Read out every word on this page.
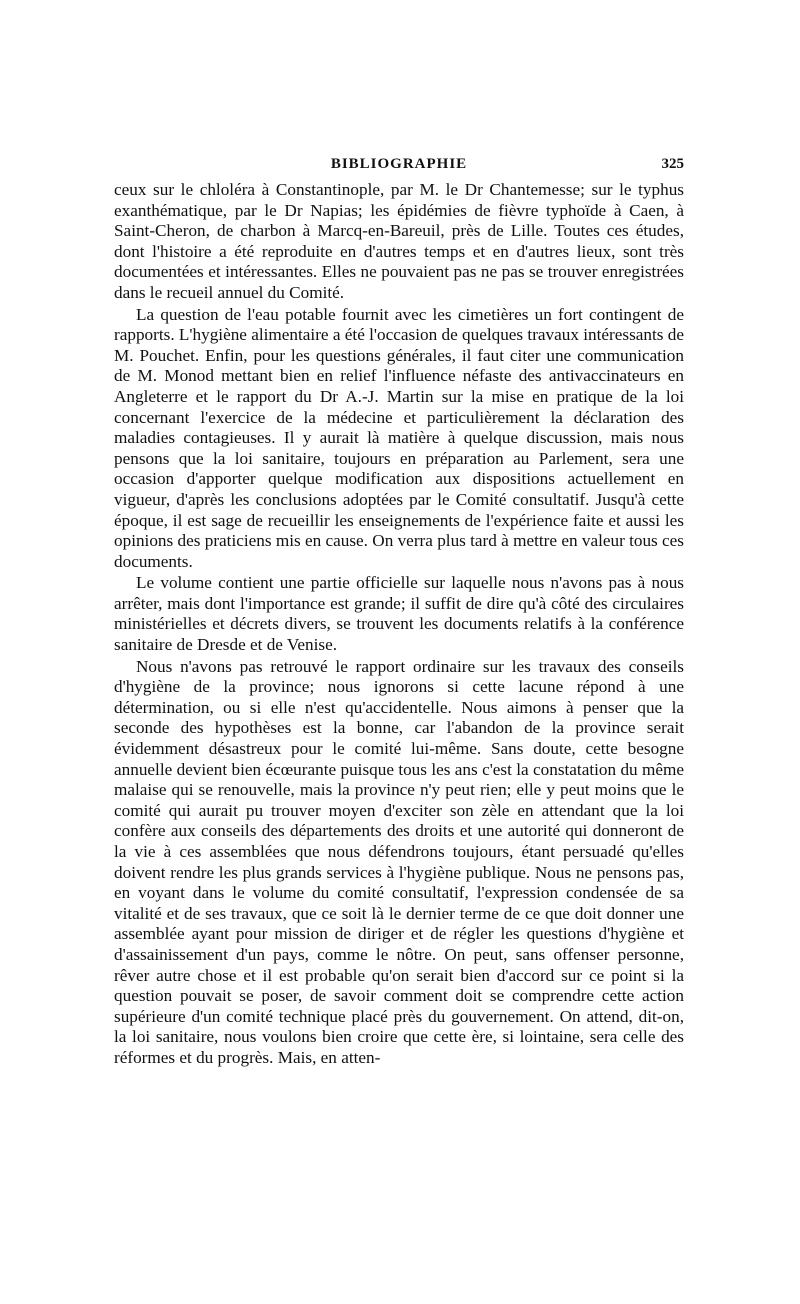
BIBLIOGRAPHIE	325

ceux sur le chloléra à Constantinople, par M. le Dr Chantemesse; sur le typhus exanthématique, par le Dr Napias; les épidémies de fièvre typhoïde à Caen, à Saint-Cheron, de charbon à Marcq-en-Bareuil, près de Lille. Toutes ces études, dont l'histoire a été reproduite en d'autres temps et en d'autres lieux, sont très documentées et intéressantes. Elles ne pouvaient pas ne pas se trouver enregistrées dans le recueil annuel du Comité.

La question de l'eau potable fournit avec les cimetières un fort contingent de rapports. L'hygiène alimentaire a été l'occasion de quelques travaux intéressants de M. Pouchet. Enfin, pour les questions générales, il faut citer une communication de M. Monod mettant bien en relief l'influence néfaste des antivaccinateurs en Angleterre et le rapport du Dr A.-J. Martin sur la mise en pratique de la loi concernant l'exercice de la médecine et particulièrement la déclaration des maladies contagieuses. Il y aurait là matière à quelque discussion, mais nous pensons que la loi sanitaire, toujours en préparation au Parlement, sera une occasion d'apporter quelque modification aux dispositions actuellement en vigueur, d'après les conclusions adoptées par le Comité consultatif. Jusqu'à cette époque, il est sage de recueillir les enseignements de l'expérience faite et aussi les opinions des praticiens mis en cause. On verra plus tard à mettre en valeur tous ces documents.

Le volume contient une partie officielle sur laquelle nous n'avons pas à nous arrêter, mais dont l'importance est grande; il suffit de dire qu'à côté des circulaires ministérielles et décrets divers, se trouvent les documents relatifs à la conférence sanitaire de Dresde et de Venise.

Nous n'avons pas retrouvé le rapport ordinaire sur les travaux des conseils d'hygiène de la province; nous ignorons si cette lacune répond à une détermination, ou si elle n'est qu'accidentelle. Nous aimons à penser que la seconde des hypothèses est la bonne, car l'abandon de la province serait évidemment désastreux pour le comité lui-même. Sans doute, cette besogne annuelle devient bien écœurante puisque tous les ans c'est la constatation du même malaise qui se renouvelle, mais la province n'y peut rien; elle y peut moins que le comité qui aurait pu trouver moyen d'exciter son zèle en attendant que la loi confère aux conseils des départements des droits et une autorité qui donneront de la vie à ces assemblées que nous défendrons toujours, étant persuadé qu'elles doivent rendre les plus grands services à l'hygiène publique. Nous ne pensons pas, en voyant dans le volume du comité consultatif, l'expression condensée de sa vitalité et de ses travaux, que ce soit là le dernier terme de ce que doit donner une assemblée ayant pour mission de diriger et de régler les questions d'hygiène et d'assainissement d'un pays, comme le nôtre. On peut, sans offenser personne, rêver autre chose et il est probable qu'on serait bien d'accord sur ce point si la question pouvait se poser, de savoir comment doit se comprendre cette action supérieure d'un comité technique placé près du gouvernement. On attend, dit-on, la loi sanitaire, nous voulons bien croire que cette ère, si lointaine, sera celle des réformes et du progrès. Mais, en atten-
